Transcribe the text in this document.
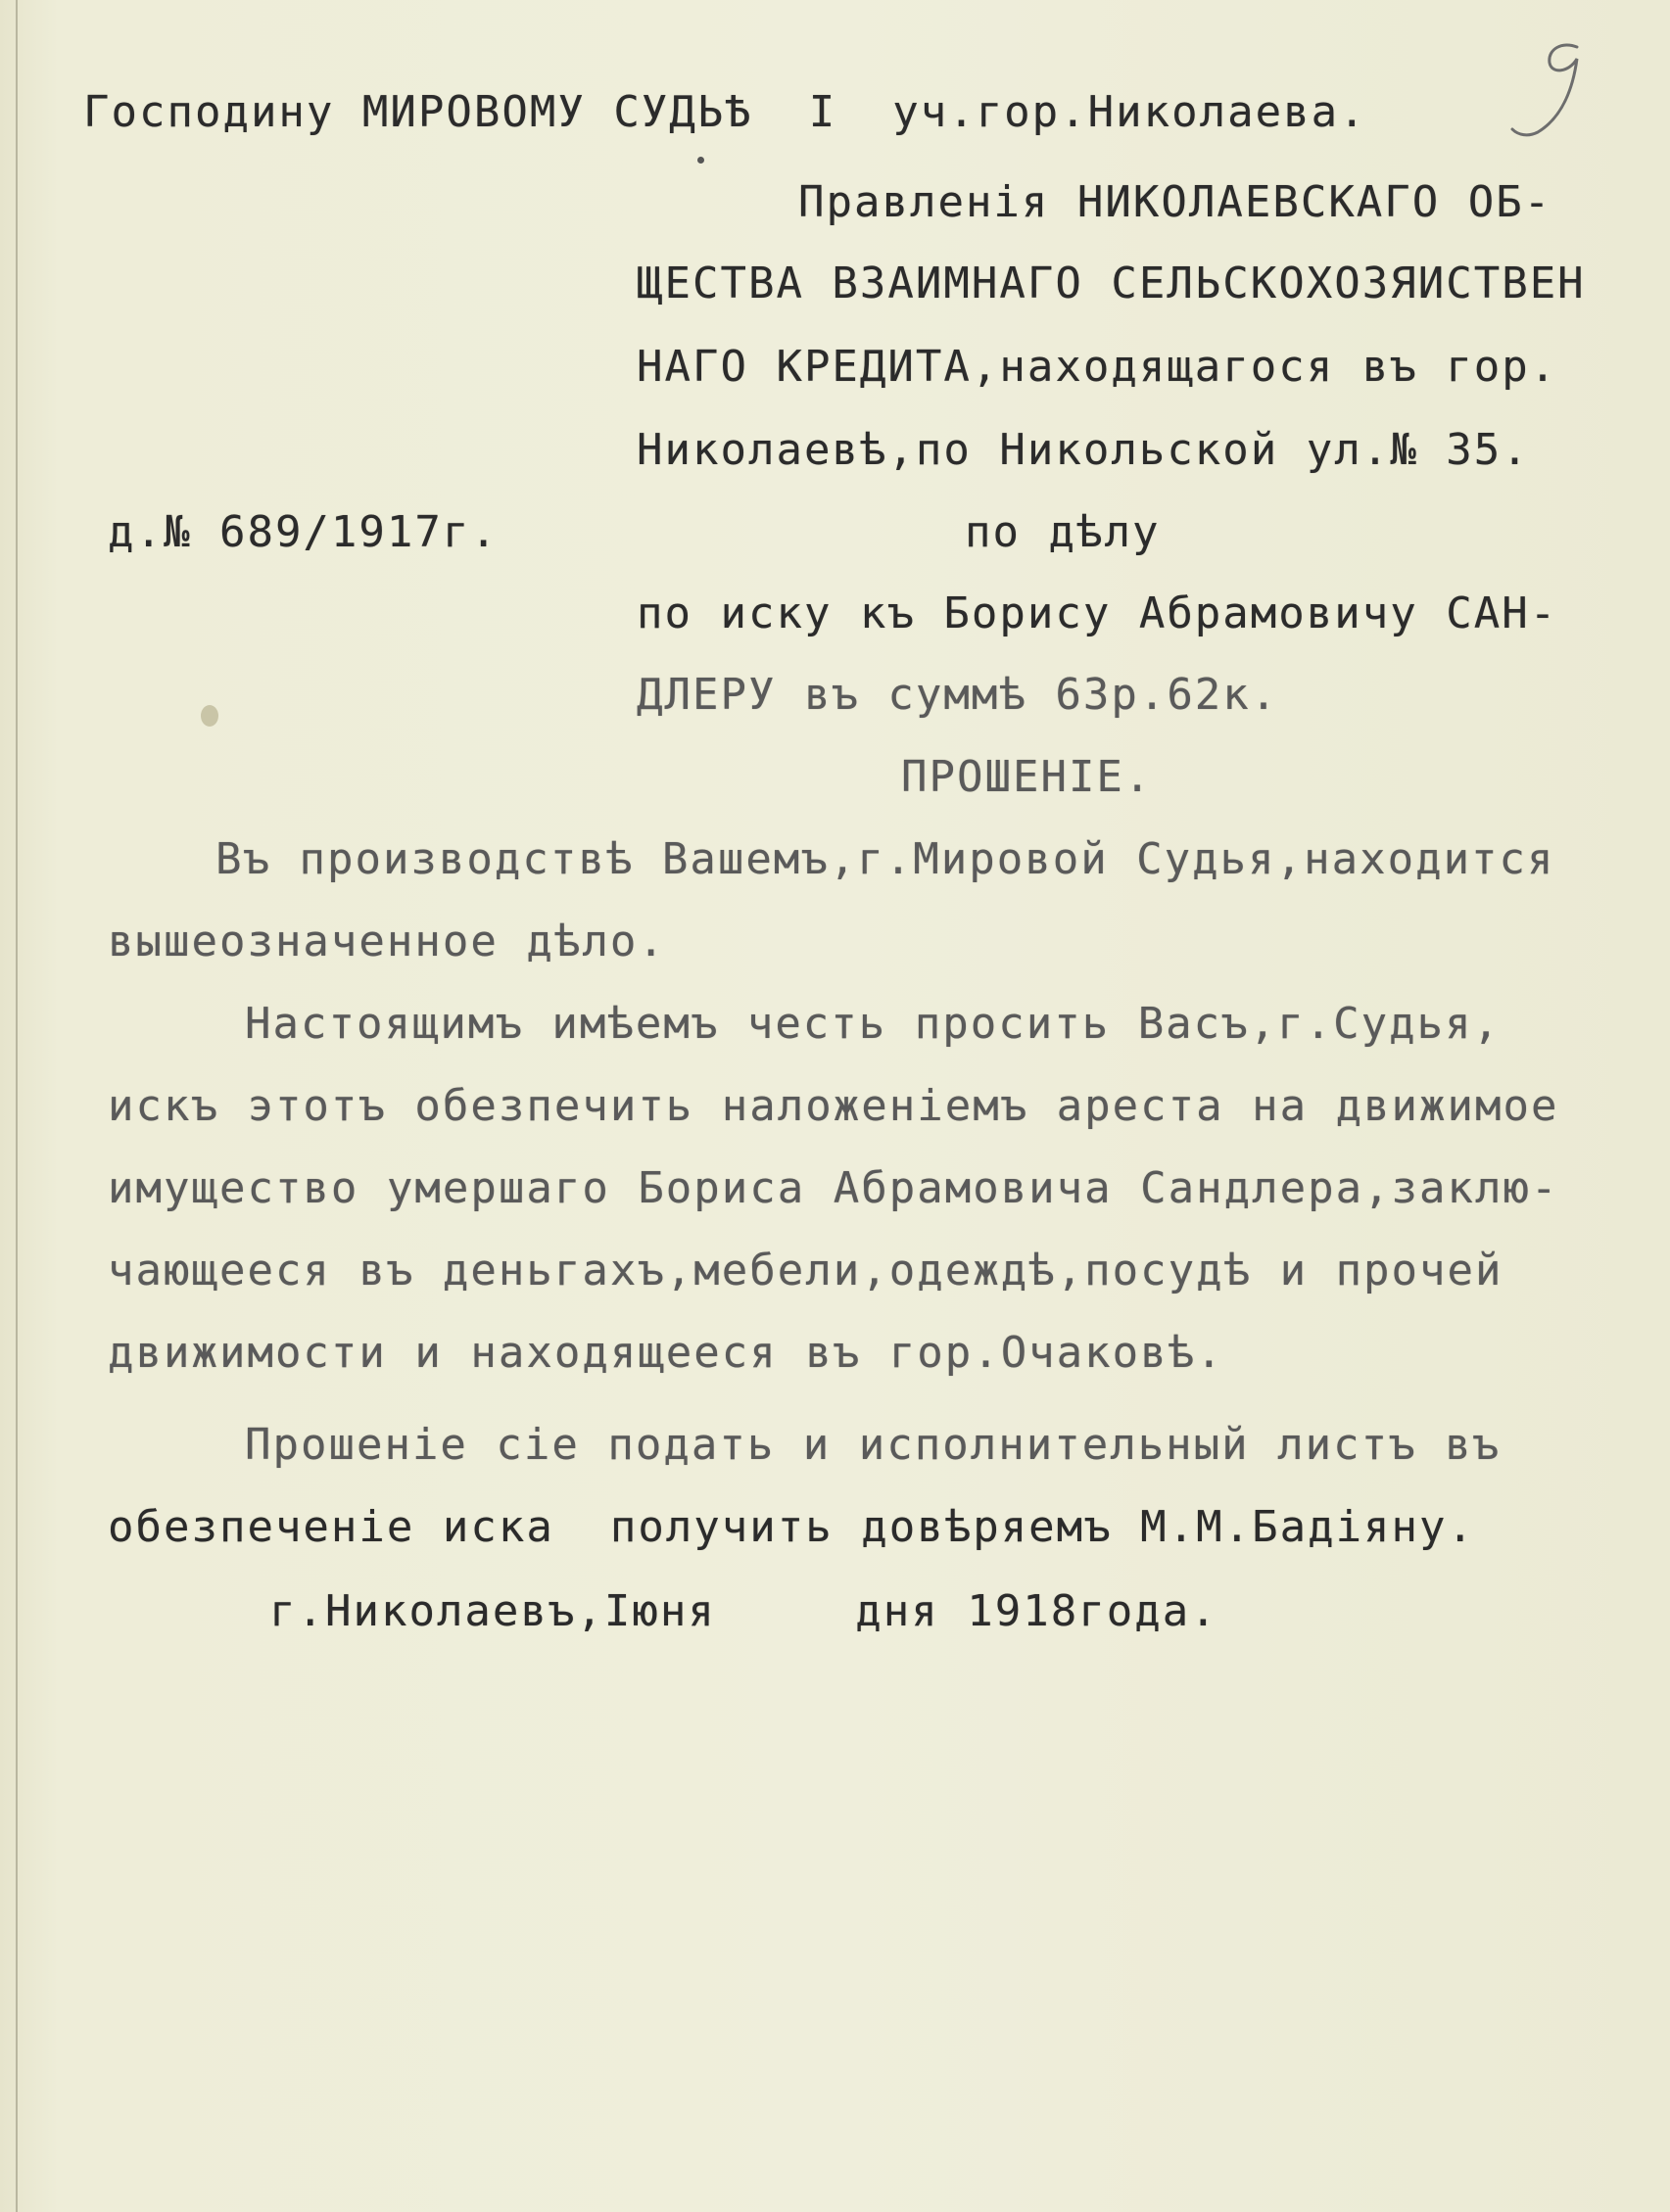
Господину МИРОВОМУ СУДЬѢ  I  уч.гор.Николаева.
Правленія НИКОЛАЕВСКАГО ОБ-
ЩЕСТВА ВЗАИМНАГО СЕЛЬСКОХОЗЯИСТВЕН
НАГО КРЕДИТА,находящагося въ гор.
Николаевѣ,по Никольской ул.№ 35.
д.№ 689/1917г.	по дѣлу
по иску къ Борису Абрамовичу САН-
ДЛЕРУ въ суммѣ 63р.62к.
ПРОШЕНІЕ.
Въ производствѣ Вашемъ,г.Мировой Судья,находится
вышеозначенное дѣло.
Настоящимъ имѣемъ честь просить Васъ,г.Судья,
искъ этотъ обезпечить наложеніемъ ареста на движимое
имущество умершаго Бориса Абрамовича Сандлера,заклю-
чающееся въ деньгахъ,мебели,одеждѣ,посудѣ и прочей
движимости и находящееся въ гор.Очаковѣ.
Прошеніе сіе подать и исполнительный листъ въ
обезпеченіе иска  получить довѣряемъ М.М.Бадіяну.
г.Николаевъ,Іюня     дня 1918года.
